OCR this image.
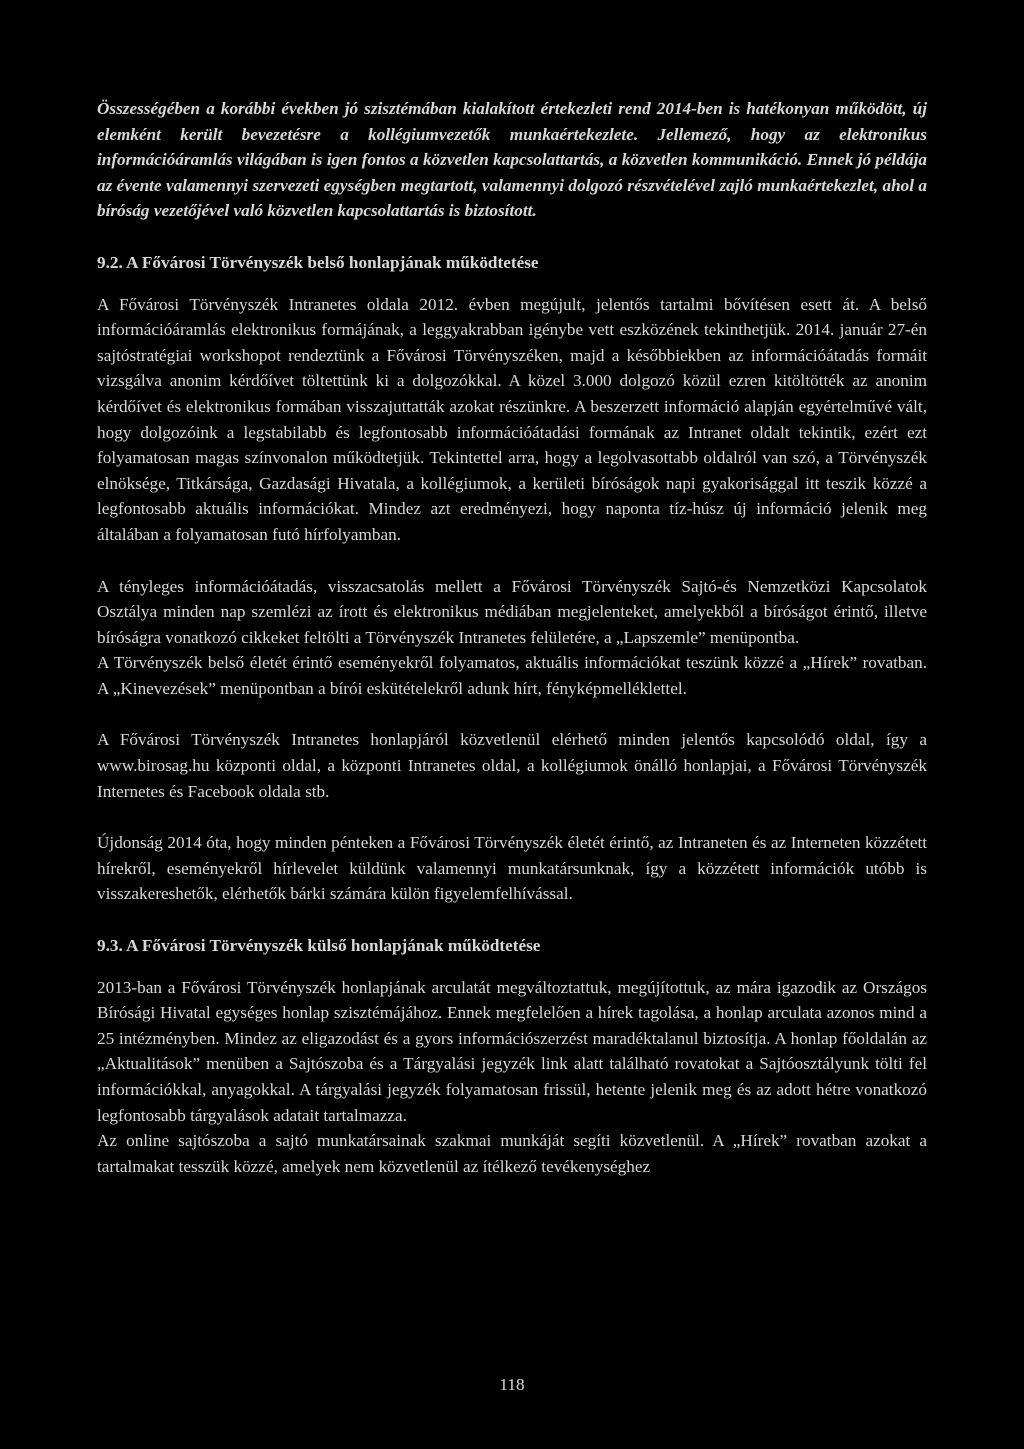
Összességében a korábbi években jó szisztémában kialakított értekezleti rend 2014-ben is hatékonyan működött, új elemként került bevezetésre a kollégiumvezetők munkaértekezlete. Jellemező, hogy az elektronikus információáramlás világában is igen fontos a közvetlen kapcsolattartás, a közvetlen kommunikáció. Ennek jó példája az évente valamennyi szervezeti egységben megtartott, valamennyi dolgozó részvételével zajló munkaértekezlet, ahol a bíróság vezetőjével való közvetlen kapcsolattartás is biztosított.

9.2. A Fővárosi Törvényszék belső honlapjának működtetése

A Fővárosi Törvényszék Intranetes oldala 2012. évben megújult, jelentős tartalmi bővítésen esett át. A belső információáramlás elektronikus formájának, a leggyakrabban igénybe vett eszközének tekinthetjük. 2014. január 27-én sajtóstratégiai workshopot rendeztünk a Fővárosi Törvényszéken, majd a későbbiekben az információátadás formáit vizsgálva anonim kérdőívet töltettünk ki a dolgozókkal. A közel 3.000 dolgozó közül ezren kitöltötték az anonim kérdőívet és elektronikus formában visszajuttatták azokat részünkre. A beszerzett információ alapján egyértelművé vált, hogy dolgozóink a legstabilabb és legfontosabb információátadási formának az Intranet oldalt tekintik, ezért ezt folyamatosan magas színvonalon működtetjük. Tekintettel arra, hogy a legolvasottabb oldalról van szó, a Törvényszék elnöksége, Titkársága, Gazdasági Hivatala, a kollégiumok, a kerületi bíróságok napi gyakorisággal itt teszik közzé a legfontosabb aktuális információkat. Mindez azt eredményezi, hogy naponta tíz-húsz új információ jelenik meg általában a folyamatosan futó hírfolyamban.

A tényleges információátadás, visszacsatolás mellett a Fővárosi Törvényszék Sajtó-és Nemzetközi Kapcsolatok Osztálya minden nap szemlézi az írott és elektronikus médiában megjelenteket, amelyekből a bíróságot érintő, illetve bíróságra vonatkozó cikkeket feltölti a Törvényszék Intranetes felületére, a „Lapszemle” menüpontba.

A Törvényszék belső életét érintő eseményekről folyamatos, aktuális információkat teszünk közzé a „Hírek” rovatban. A „Kinevezések” menüpontban a bírói eskütételekről adunk hírt, fényképmelléklettel.

A Fővárosi Törvényszék Intranetes honlapjáról közvetlenül elérhető minden jelentős kapcsolódó oldal, így a www.birosag.hu központi oldal, a központi Intranetes oldal, a kollégiumok önálló honlapjai, a Fővárosi Törvényszék Internetes és Facebook oldala stb.

Újdonság 2014 óta, hogy minden pénteken a Fővárosi Törvényszék életét érintő, az Intraneten és az Interneten közzétett hírekről, eseményekről hírlevelet küldünk valamennyi munkatársunknak, így a közzétett információk utóbb is visszakereshetők, elérhetők bárki számára külön figyelemfelhívással.

9.3. A Fővárosi Törvényszék külső honlapjának működtetése

2013-ban a Fővárosi Törvényszék honlapjának arculatát megváltoztattuk, megújítottuk, az mára igazodik az Országos Bírósági Hivatal egységes honlap szisztémájához. Ennek megfelelően a hírek tagolása, a honlap arculata azonos mind a 25 intézményben. Mindez az eligazodást és a gyors információszerzést maradéktalanul biztosítja. A honlap főoldalán az „Aktualitások” menüben a Sajtószoba és a Tárgyalási jegyzék link alatt található rovatokat a Sajtóosztályunk tölti fel információkkal, anyagokkal. A tárgyalási jegyzék folyamatosan frissül, hetente jelenik meg és az adott hétre vonatkozó legfontosabb tárgyalások adatait tartalmazza.

Az online sajtószoba a sajtó munkatársainak szakmai munkáját segíti közvetlenül. A „Hírek” rovatban azokat a tartalmakat tesszük közzé, amelyek nem közvetlenül az ítélkező tevékenységhez

118
